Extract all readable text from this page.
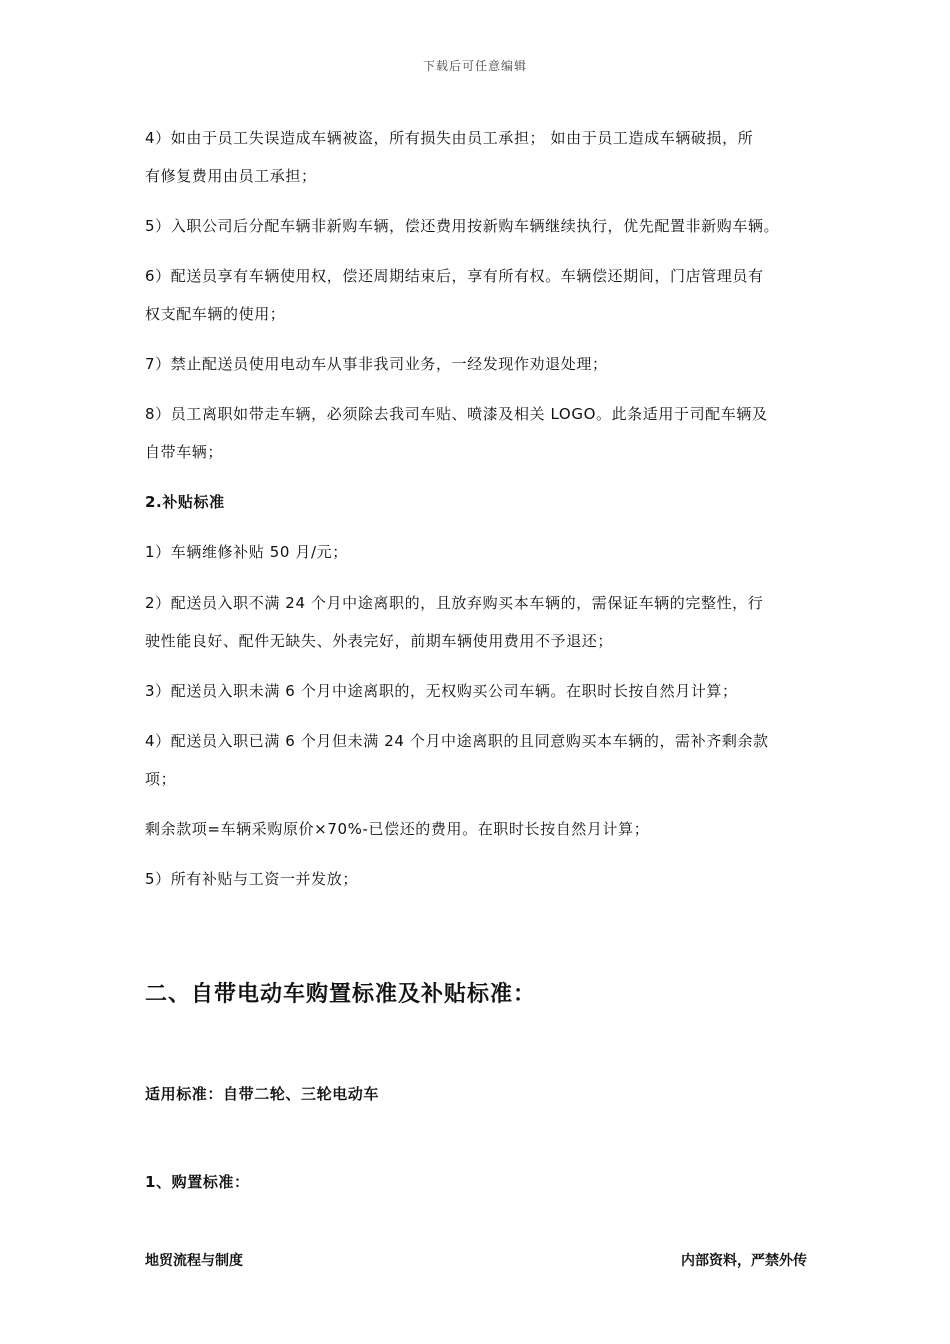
下载后可任意编辑
4）如由于员工失误造成车辆被盗，所有损失由员工承担； 如由于员工造成车辆破损，所
有修复费用由员工承担；
5）入职公司后分配车辆非新购车辆，偿还费用按新购车辆继续执行，优先配置非新购车辆。
6）配送员享有车辆使用权，偿还周期结束后，享有所有权。车辆偿还期间，门店管理员有
权支配车辆的使用；
7）禁止配送员使用电动车从事非我司业务，一经发现作劝退处理；
8）员工离职如带走车辆，必须除去我司车贴、喷漆及相关 LOGO。此条适用于司配车辆及
自带车辆；
2.补贴标准
1）车辆维修补贴 50 月/元；
2）配送员入职不满 24 个月中途离职的，且放弃购买本车辆的，需保证车辆的完整性，行
驶性能良好、配件无缺失、外表完好，前期车辆使用费用不予退还；
3）配送员入职未满 6 个月中途离职的，无权购买公司车辆。在职时长按自然月计算；
4）配送员入职已满 6 个月但未满 24 个月中途离职的且同意购买本车辆的，需补齐剩余款
项；
剩余款项=车辆采购原价×70%-已偿还的费用。在职时长按自然月计算；
5）所有补贴与工资一并发放；
二、自带电动车购置标准及补贴标准：
适用标准：自带二轮、三轮电动车
1、购置标准：
地贸流程与制度	内部资料，严禁外传
